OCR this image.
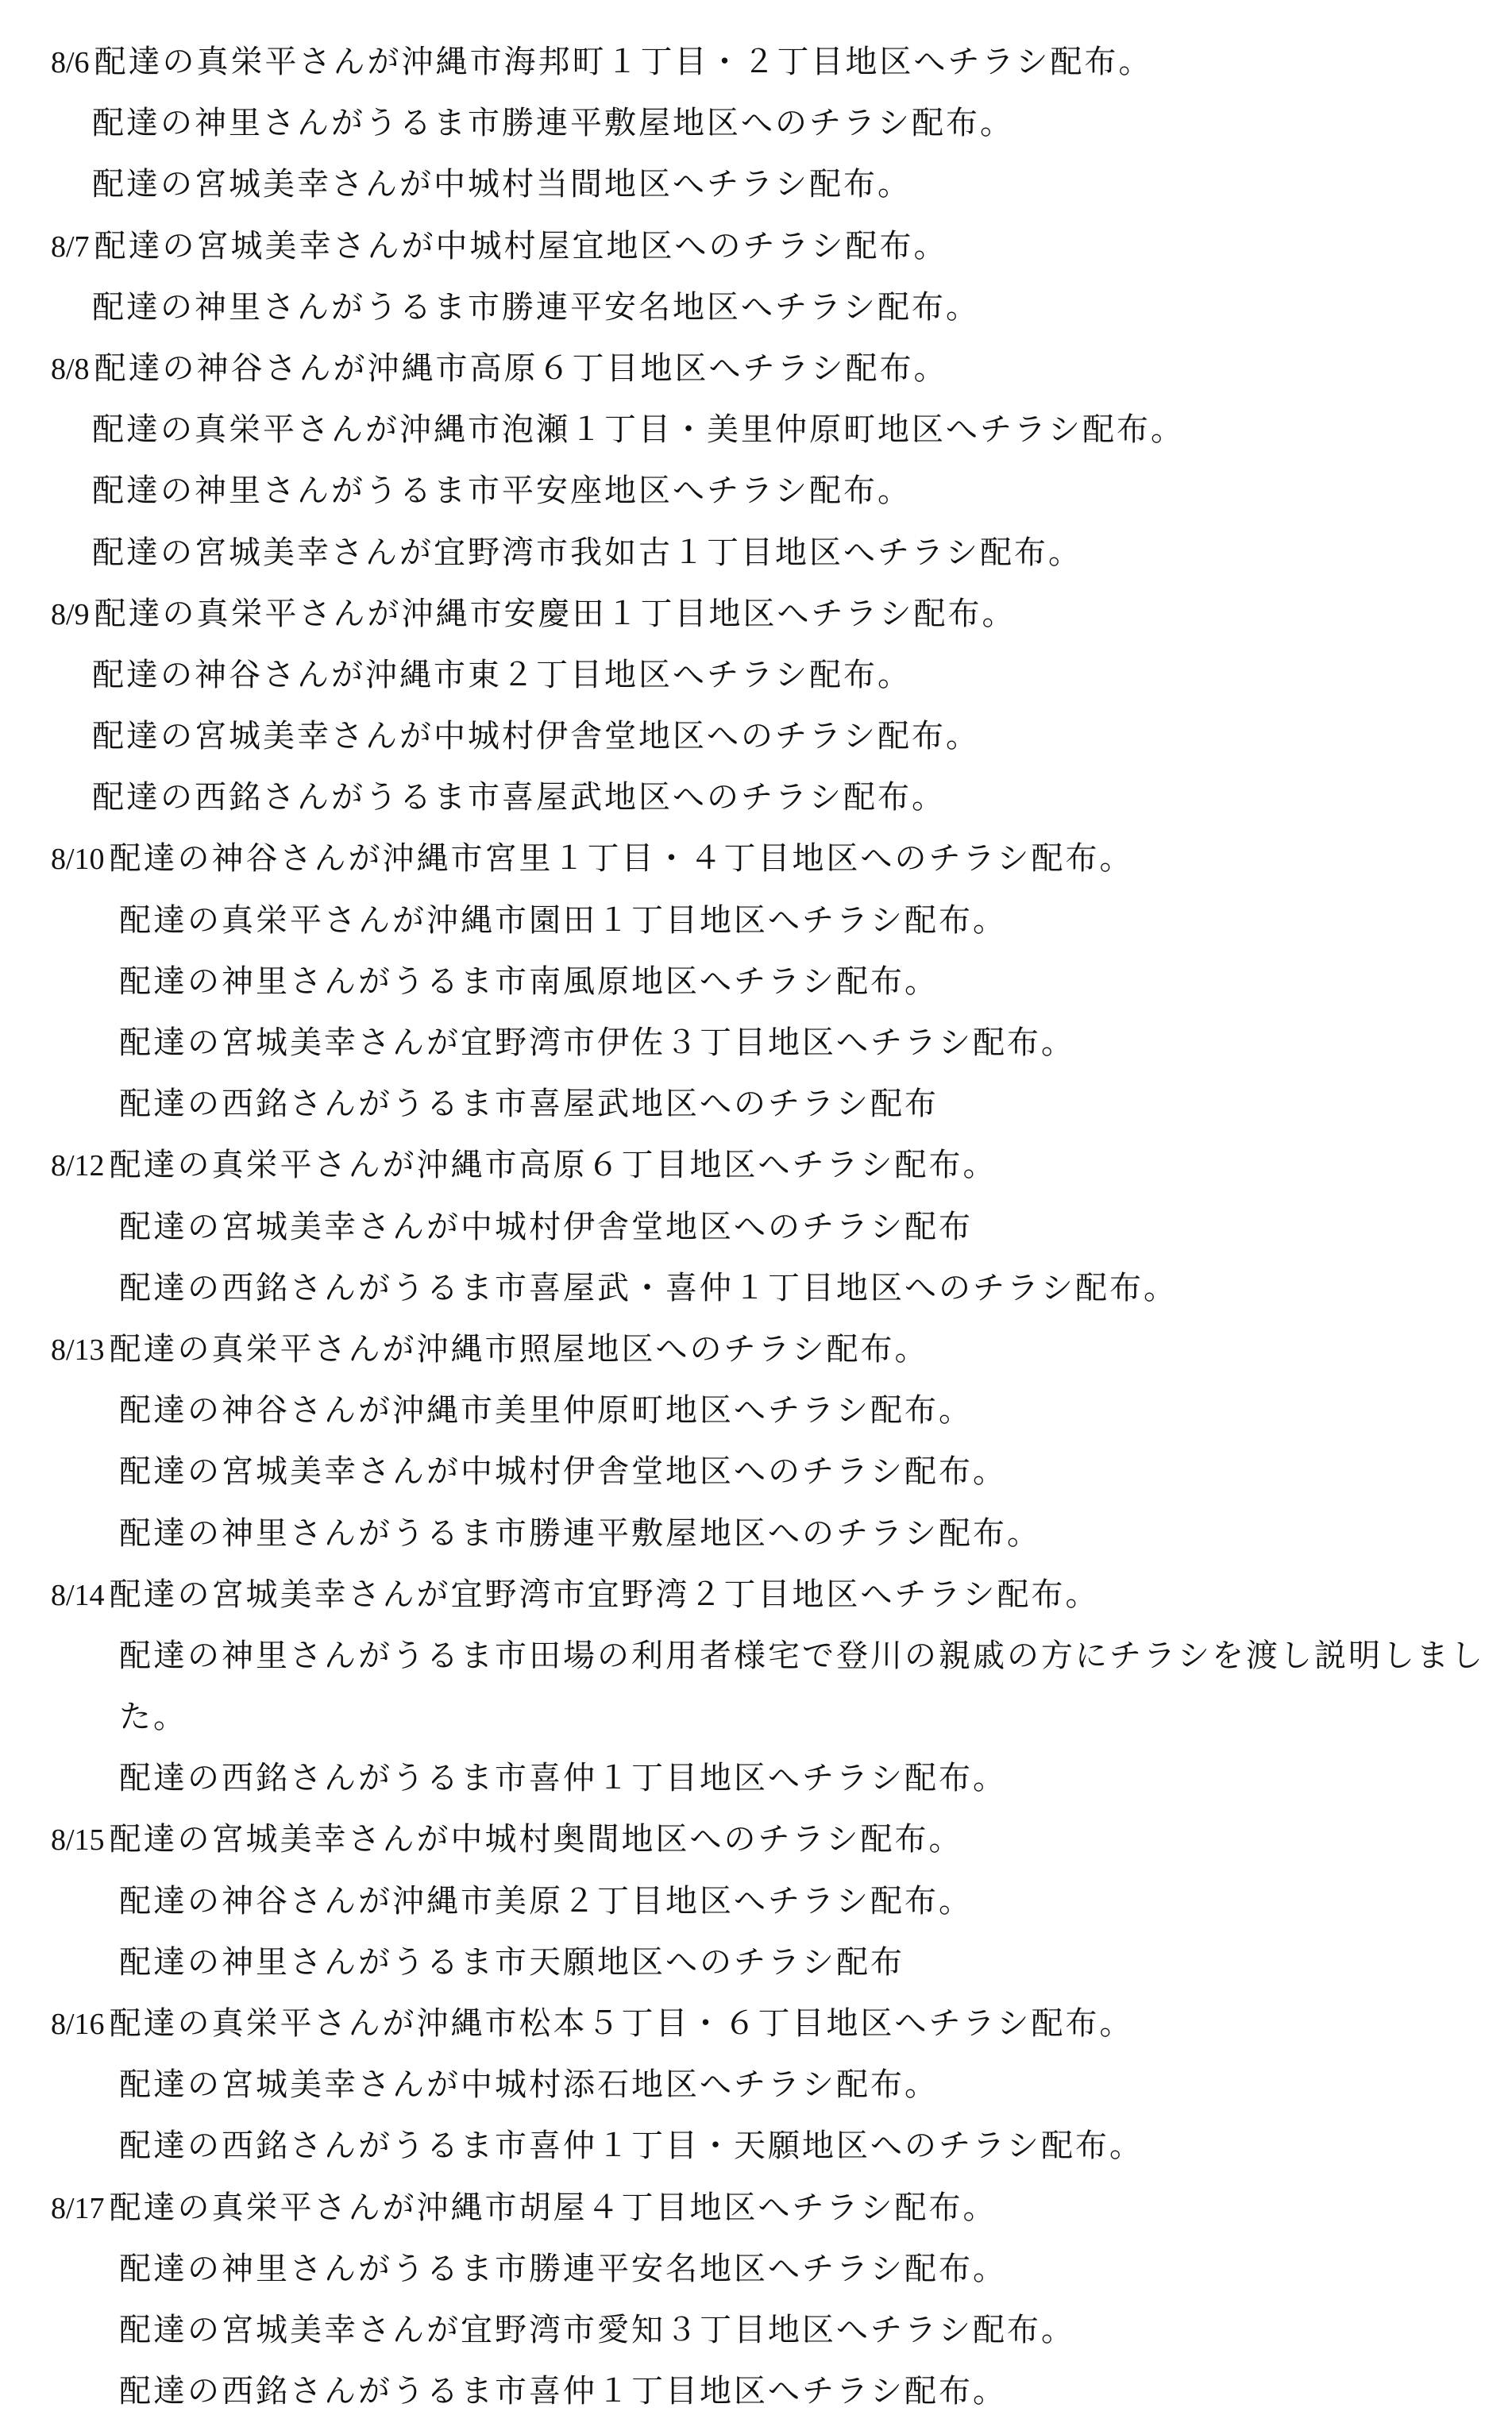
8/6 配達の真栄平さんが沖縄市海邦町１丁目・２丁目地区へチラシ配布。
配達の神里さんがうるま市勝連平敷屋地区へのチラシ配布。
配達の宮城美幸さんが中城村当間地区へチラシ配布。
8/7 配達の宮城美幸さんが中城村屋宜地区へのチラシ配布。
配達の神里さんがうるま市勝連平安名地区へチラシ配布。
8/8 配達の神谷さんが沖縄市高原６丁目地区へチラシ配布。
配達の真栄平さんが沖縄市泡瀬１丁目・美里仲原町地区へチラシ配布。
配達の神里さんがうるま市平安座地区へチラシ配布。
配達の宮城美幸さんが宜野湾市我如古１丁目地区へチラシ配布。
8/9 配達の真栄平さんが沖縄市安慶田１丁目地区へチラシ配布。
配達の神谷さんが沖縄市東２丁目地区へチラシ配布。
配達の宮城美幸さんが中城村伊舎堂地区へのチラシ配布。
配達の西銘さんがうるま市喜屋武地区へのチラシ配布。
8/10 配達の神谷さんが沖縄市宮里１丁目・４丁目地区へのチラシ配布。
配達の真栄平さんが沖縄市園田１丁目地区へチラシ配布。
配達の神里さんがうるま市南風原地区へチラシ配布。
配達の宮城美幸さんが宜野湾市伊佐３丁目地区へチラシ配布。
配達の西銘さんがうるま市喜屋武地区へのチラシ配布
8/12 配達の真栄平さんが沖縄市高原６丁目地区へチラシ配布。
配達の宮城美幸さんが中城村伊舎堂地区へのチラシ配布
配達の西銘さんがうるま市喜屋武・喜仲１丁目地区へのチラシ配布。
8/13 配達の真栄平さんが沖縄市照屋地区へのチラシ配布。
配達の神谷さんが沖縄市美里仲原町地区へチラシ配布。
配達の宮城美幸さんが中城村伊舎堂地区へのチラシ配布。
配達の神里さんがうるま市勝連平敷屋地区へのチラシ配布。
8/14 配達の宮城美幸さんが宜野湾市宜野湾２丁目地区へチラシ配布。
配達の神里さんがうるま市田場の利用者様宅で登川の親戚の方にチラシを渡し説明しました。
配達の西銘さんがうるま市喜仲１丁目地区へチラシ配布。
8/15 配達の宮城美幸さんが中城村奥間地区へのチラシ配布。
配達の神谷さんが沖縄市美原２丁目地区へチラシ配布。
配達の神里さんがうるま市天願地区へのチラシ配布
8/16 配達の真栄平さんが沖縄市松本５丁目・６丁目地区へチラシ配布。
配達の宮城美幸さんが中城村添石地区へチラシ配布。
配達の西銘さんがうるま市喜仲１丁目・天願地区へのチラシ配布。
8/17 配達の真栄平さんが沖縄市胡屋４丁目地区へチラシ配布。
配達の神里さんがうるま市勝連平安名地区へチラシ配布。
配達の宮城美幸さんが宜野湾市愛知３丁目地区へチラシ配布。
配達の西銘さんがうるま市喜仲１丁目地区へチラシ配布。
